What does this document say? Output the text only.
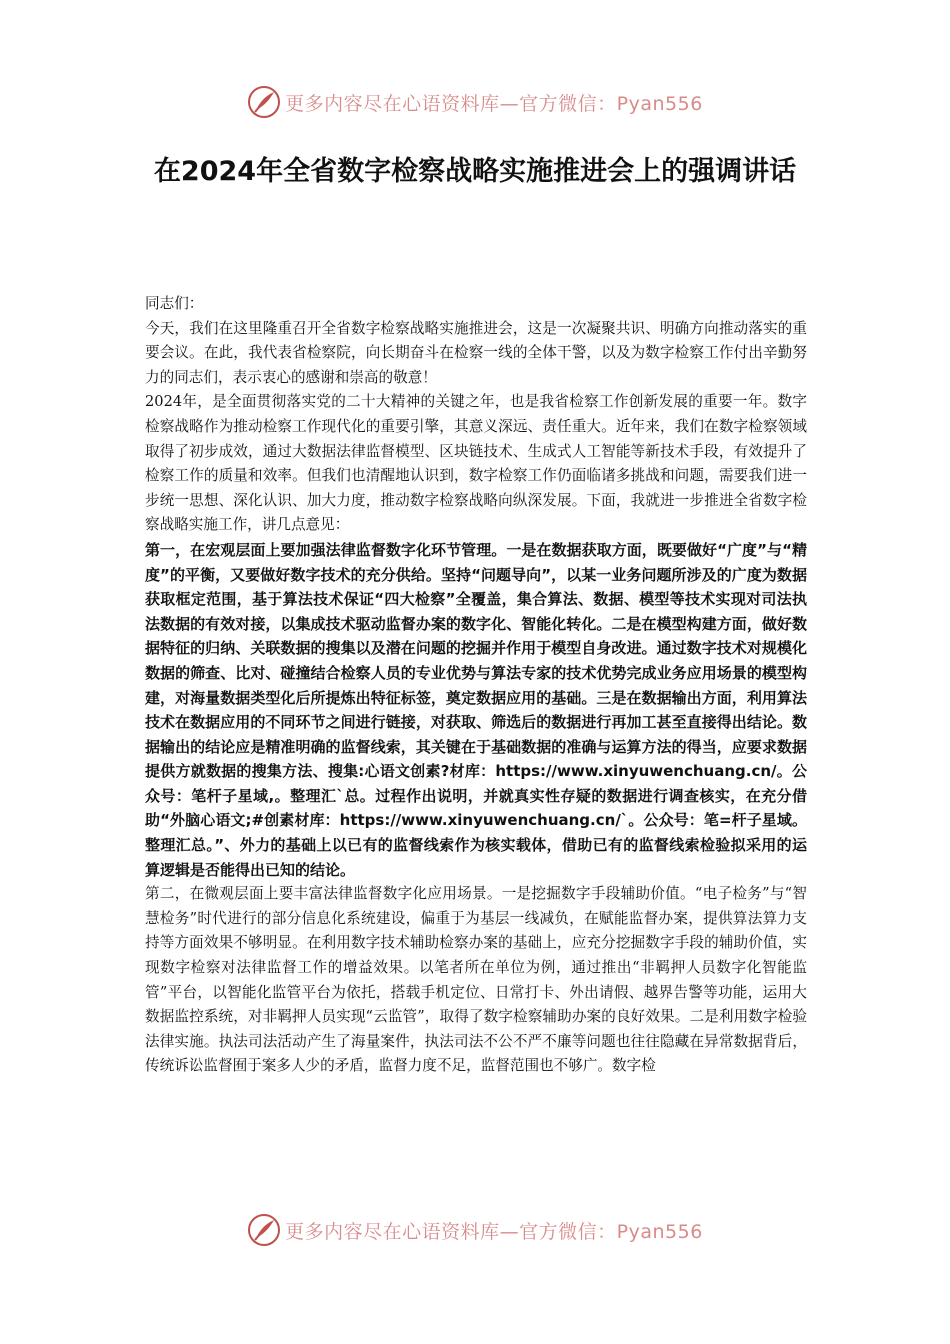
更多内容尽在心语资料库—官方微信：Pyan556
在2024年全省数字检察战略实施推进会上的强调讲话

同志们：

今天，我们在这里隆重召开全省数字检察战略实施推进会，这是一次凝聚共识、明确方向推动落实的重要会议。在此，我代表省检察院，向长期奋斗在检察一线的全体干警，以及为数字检察工作付出辛勤努力的同志们，表示衷心的感谢和崇高的敬意！

2024年，是全面贯彻落实党的二十大精神的关键之年，也是我省检察工作创新发展的重要一年。数字检察战略作为推动检察工作现代化的重要引擎，其意义深远、责任重大。近年来，我们在数字检察领域取得了初步成效，通过大数据法律监督模型、区块链技术、生成式人工智能等新技术手段，有效提升了检察工作的质量和效率。但我们也清醒地认识到，数字检察工作仍面临诸多挑战和问题，需要我们进一步统一思想、深化认识、加大力度，推动数字检察战略向纵深发展。下面，我就进一步推进全省数字检察战略实施工作，讲几点意见：

第一，在宏观层面上要加强法律监督数字化环节管理。一是在数据获取方面，既要做好“广度”与“精度”的平衡，又要做好数字技术的充分供给。坚持“问题导向”，以某一业务问题所涉及的广度为数据获取框定范围，基于算法技术保证“四大检察”全覆盖，集合算法、数据、模型等技术实现对司法执法数据的有效对接，以集成技术驱动监督办案的数字化、智能化转化。二是在模型构建方面，做好数据特征的归纳、关联数据的搜集以及潜在问题的挖掘并作用于模型自身改进。通过数字技术对规模化数据的筛查、比对、碰撞结合检察人员的专业优势与算法专家的技术优势完成业务应用场景的模型构建，对海量数据类型化后所提炼出特征标签，奠定数据应用的基础。三是在数据输出方面，利用算法技术在数据应用的不同环节之间进行链接，对获取、筛选后的数据进行再加工甚至直接得出结论。数据输出的结论应是精准明确的监督线索，其关键在于基础数据的准确与运算方法的得当，应要求数据提供方就数据的搜集方法、搜集:心语文创素?材库：https://www.xinyuwenchuang.cn/。公众号：笔杆子星域,。整理汇`总。过程作出说明，并就真实性存疑的数据进行调查核实，在充分借助“外脑心语文;#创素材库：https://www.xinyuwenchuang.cn/`。公众号：笔=杆子星域。整理汇总。”、外力的基础上以已有的监督线索作为核实载体，借助已有的监督线索检验拟采用的运算逻辑是否能得出已知的结论。

第二，在微观层面上要丰富法律监督数字化应用场景。一是挖掘数字手段辅助价值。“电子检务”与“智慧检务”时代进行的部分信息化系统建设，偏重于为基层一线减负，在赋能监督办案，提供算法算力支持等方面效果不够明显。在利用数字技术辅助检察办案的基础上，应充分挖掘数字手段的辅助价值，实现数字检察对法律监督工作的增益效果。以笔者所在单位为例，通过推出“非羁押人员数字化智能监管”平台，以智能化监管平台为依托，搭载手机定位、日常打卡、外出请假、越界告警等功能，运用大数据监控系统，对非羁押人员实现“云监管”，取得了数字检察辅助办案的良好效果。二是利用数字检验法律实施。执法司法活动产生了海量案件，执法司法不公不严不廉等问题也往往隐藏在异常数据背后，传统诉讼监督囿于案多人少的矛盾，监督力度不足，监督范围也不够广。数字检

更多内容尽在心语资料库—官方微信：Pyan556
